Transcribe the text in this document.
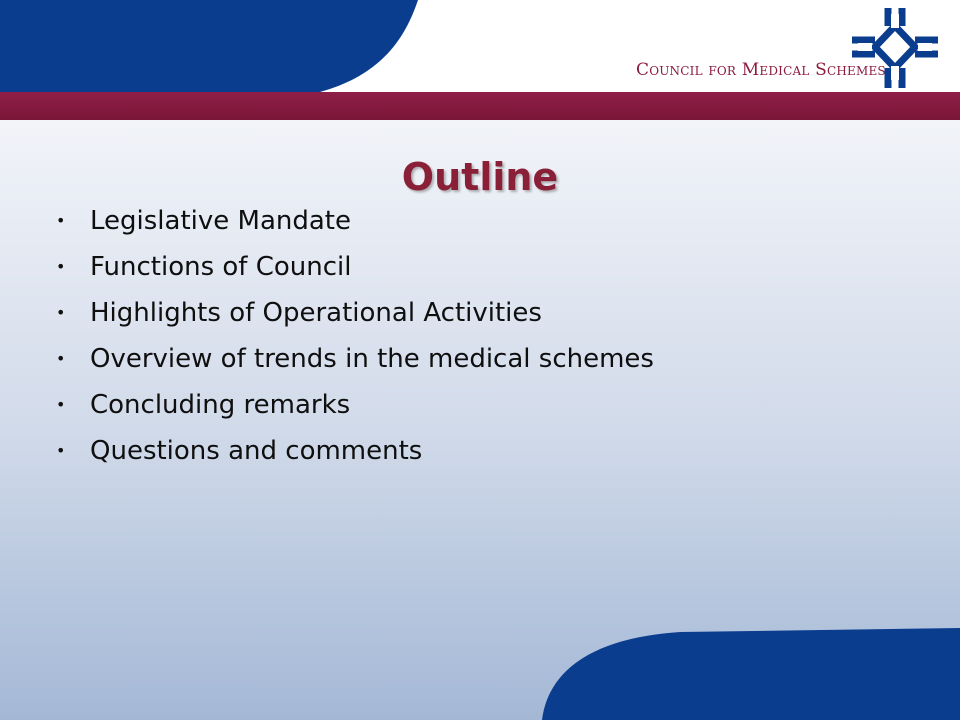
Council for Medical Schemes
Outline
• Legislative Mandate
• Functions of Council
• Highlights of Operational Activities
• Overview of trends in the medical schemes
• Concluding remarks
• Questions and comments
